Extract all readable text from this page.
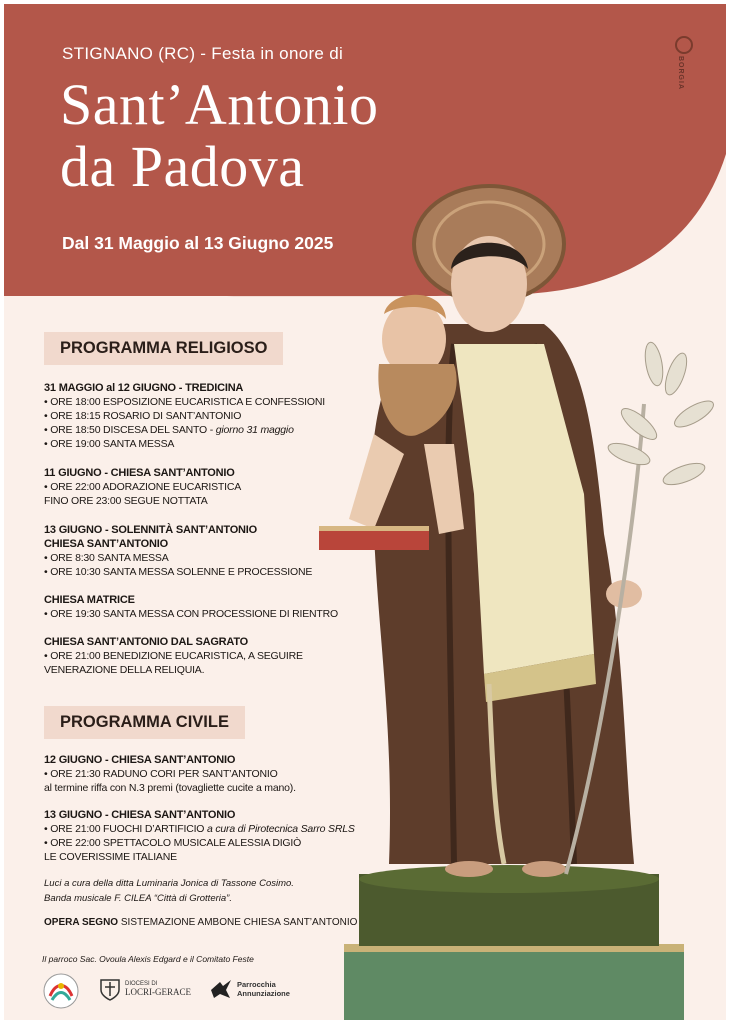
BORGIA
STIGNANO (RC) - Festa in onore di
Sant’Antonio
da Padova
Dal 31 Maggio al 13 Giugno 2025
PROGRAMMA RELIGIOSO
31 MAGGIO al 12 GIUGNO - TREDICINA
• ORE 18:00 ESPOSIZIONE EUCARISTICA E CONFESSIONI
• ORE 18:15 ROSARIO DI SANT’ANTONIO
• ORE 18:50 DISCESA DEL SANTO - giorno 31 maggio
• ORE 19:00 SANTA MESSA
11 GIUGNO - CHIESA SANT’ANTONIO
• ORE 22:00 ADORAZIONE EUCARISTICA
FINO ORE 23:00 SEGUE NOTTATA
13 GIUGNO - SOLENNITÀ SANT’ANTONIO
CHIESA SANT’ANTONIO
• ORE 8:30 SANTA MESSA
• ORE 10:30 SANTA MESSA SOLENNE E PROCESSIONE
CHIESA MATRICE
• ORE 19:30 SANTA MESSA CON PROCESSIONE DI RIENTRO
CHIESA SANT’ANTONIO DAL SAGRATO
• ORE 21:00 BENEDIZIONE EUCARISTICA, A SEGUIRE
VENERAZIONE DELLA RELIQUIA.
PROGRAMMA CIVILE
12 GIUGNO - CHIESA SANT’ANTONIO
• ORE 21:30 RADUNO CORI PER SANT’ANTONIO
al termine riffa con N.3 premi (tovagliette cucite a mano).
13 GIUGNO - CHIESA SANT’ANTONIO
• ORE 21:00 FUOCHI D’ARTIFICIO a cura di Pirotecnica Sarro SRLS
• ORE 22:00 SPETTACOLO MUSICALE ALESSIA DIGIÒ
LE COVERISSIME ITALIANE
Luci a cura della ditta Luminaria Jonica di Tassone Cosimo.
Banda musicale F. CILEA “Città di Grotteria”.
OPERA SEGNO SISTEMAZIONE AMBONE CHIESA SANT’ANTONIO
Il parroco Sac. Ovoula Alexis Edgard e il Comitato Feste
DIOCESI DI
LOCRI-GERACE
Parrocchia
Annunziazione
